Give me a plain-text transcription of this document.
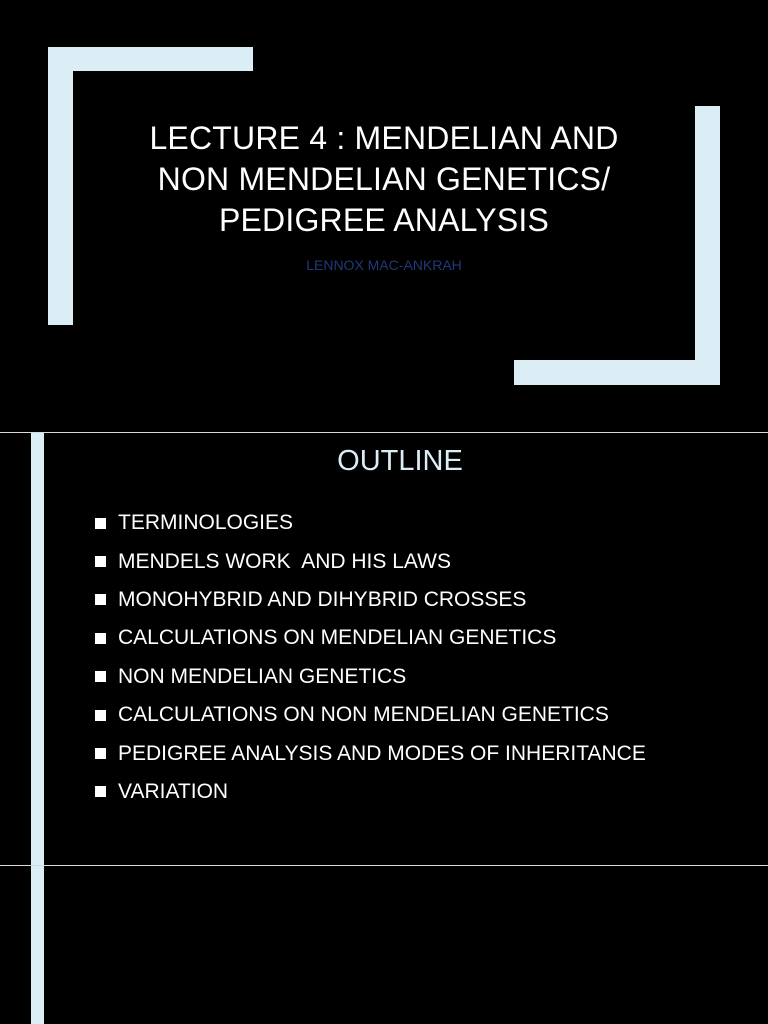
LECTURE 4 : MENDELIAN AND
NON MENDELIAN GENETICS/
PEDIGREE ANALYSIS
LENNOX MAC-ANKRAH
OUTLINE
TERMINOLOGIES
MENDELS WORK  AND HIS LAWS
MONOHYBRID AND DIHYBRID CROSSES
CALCULATIONS ON MENDELIAN GENETICS
NON MENDELIAN GENETICS
CALCULATIONS ON NON MENDELIAN GENETICS
PEDIGREE ANALYSIS AND MODES OF INHERITANCE
VARIATION
